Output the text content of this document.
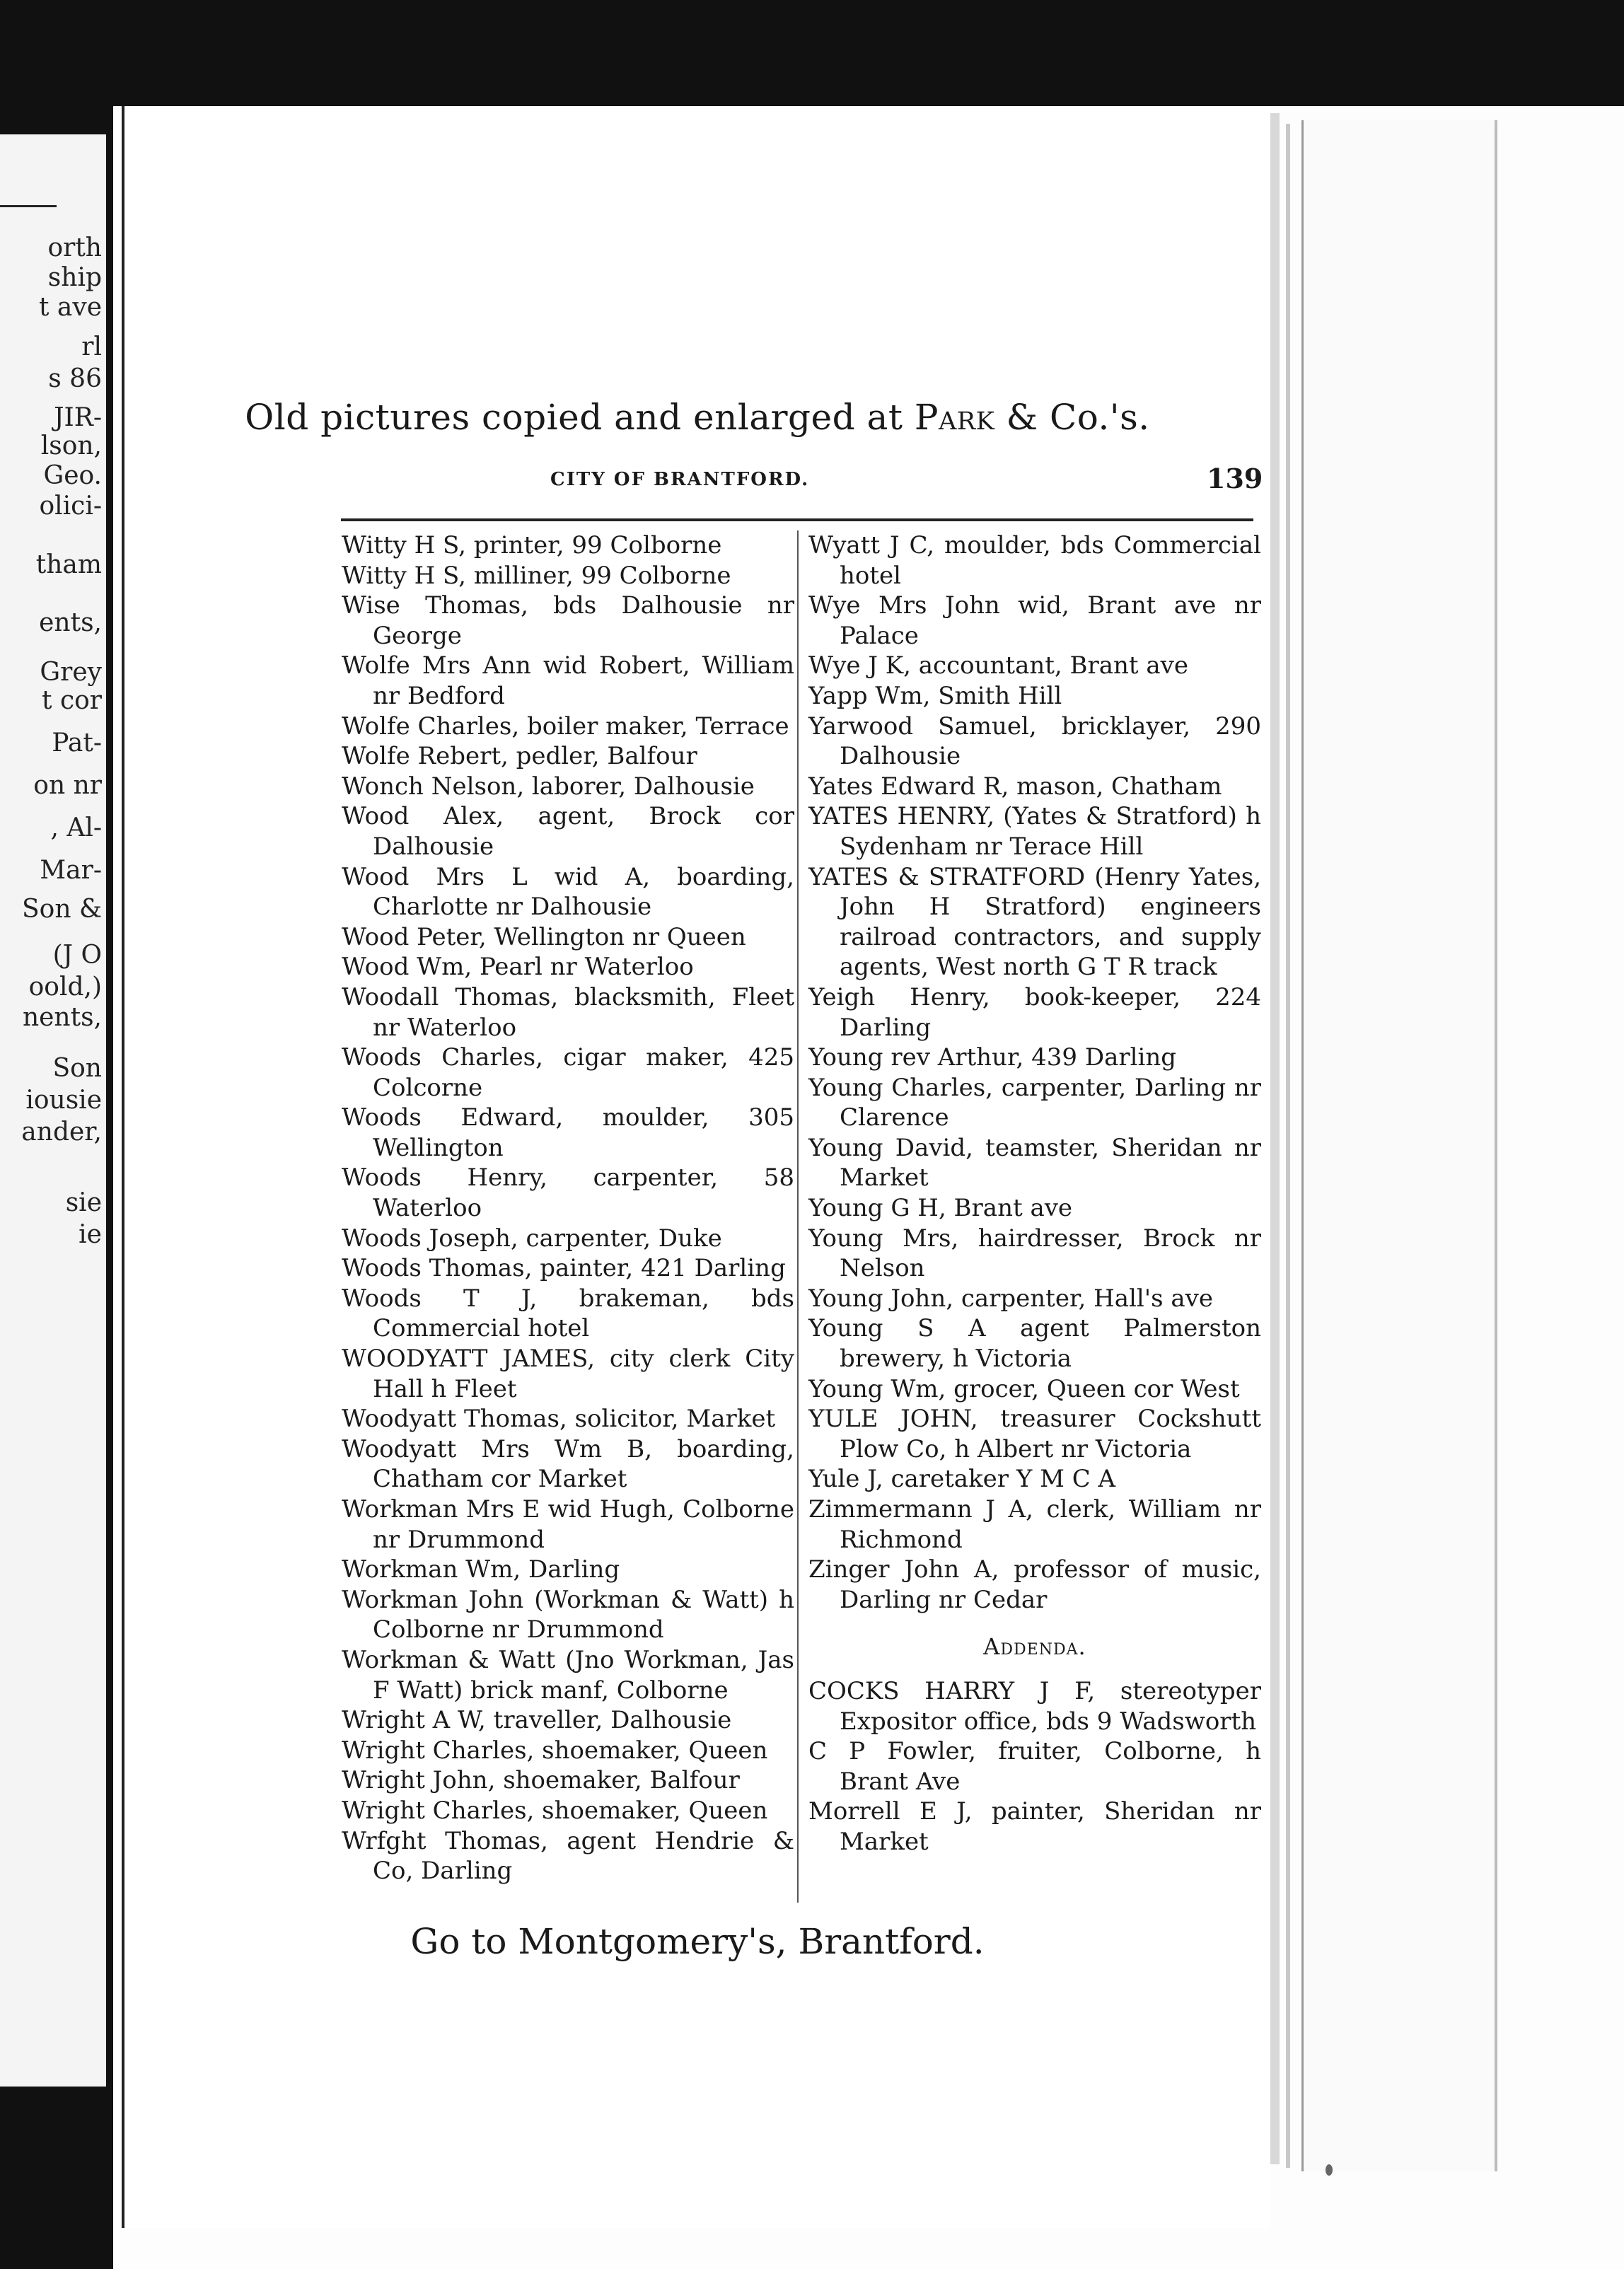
orth
ship
t ave
rl
s 86
JIR-
lson,
Geo.
olici-
tham
ents,
Grey
t cor
Pat-
on nr
, Al-
Mar-
Son &
(J O
oold,)
nents,
Son
iousie
ander,
sie
ie
Old pictures copied and enlarged at Park & Co.'s.
CITY OF BRANTFORD.	139
Witty H S, printer, 99 Colborne
Witty H S, milliner, 99 Colborne
Wise Thomas, bds Dalhousie nr George
Wolfe Mrs Ann wid Robert, William nr Bedford
Wolfe Charles, boiler maker, Terrace
Wolfe Rebert, pedler, Balfour
Wonch Nelson, laborer, Dalhousie
Wood Alex, agent, Brock cor Dalhousie
Wood Mrs L wid A, boarding, Charlotte nr Dalhousie
Wood Peter, Wellington nr Queen
Wood Wm, Pearl nr Waterloo
Woodall Thomas, blacksmith, Fleet nr Waterloo
Woods Charles, cigar maker, 425 Colcorne
Woods Edward, moulder, 305 Wellington
Woods Henry, carpenter, 58 Waterloo
Woods Joseph, carpenter, Duke
Woods Thomas, painter, 421 Darling
Woods T J, brakeman, bds Commercial hotel
WOODYATT JAMES, city clerk City Hall h Fleet
Woodyatt Thomas, solicitor, Market
Woodyatt Mrs Wm B, boarding, Chatham cor Market
Workman Mrs E wid Hugh, Colborne nr Drummond
Workman Wm, Darling
Workman John (Workman & Watt) h Colborne nr Drummond
Workman & Watt (Jno Workman, Jas F Watt) brick manf, Colborne
Wright A W, traveller, Dalhousie
Wright Charles, shoemaker, Queen
Wright John, shoemaker, Balfour
Wright Charles, shoemaker, Queen
Wrfght Thomas, agent Hendrie & Co, Darling
Wyatt J C, moulder, bds Commercial hotel
Wye Mrs John wid, Brant ave nr Palace
Wye J K, accountant, Brant ave
Yapp Wm, Smith Hill
Yarwood Samuel, bricklayer, 290 Dalhousie
Yates Edward R, mason, Chatham
YATES HENRY, (Yates & Stratford) h Sydenham nr Terace Hill
YATES & STRATFORD (Henry Yates, John H Stratford) engineers railroad contractors, and supply agents, West north G T R track
Yeigh Henry, book-keeper, 224 Darling
Young rev Arthur, 439 Darling
Young Charles, carpenter, Darling nr Clarence
Young David, teamster, Sheridan nr Market
Young G H, Brant ave
Young Mrs, hairdresser, Brock nr Nelson
Young John, carpenter, Hall's ave
Young S A agent Palmerston brewery, h Victoria
Young Wm, grocer, Queen cor West
YULE JOHN, treasurer Cockshutt Plow Co, h Albert nr Victoria
Yule J, caretaker Y M C A
Zimmermann J A, clerk, William nr Richmond
Zinger John A, professor of music, Darling nr Cedar
Addenda.
COCKS HARRY J F, stereotyper Expositor office, bds 9 Wadsworth
C P Fowler, fruiter, Colborne, h Brant Ave
Morrell E J, painter, Sheridan nr Market
Go to Montgomery's, Brantford.
